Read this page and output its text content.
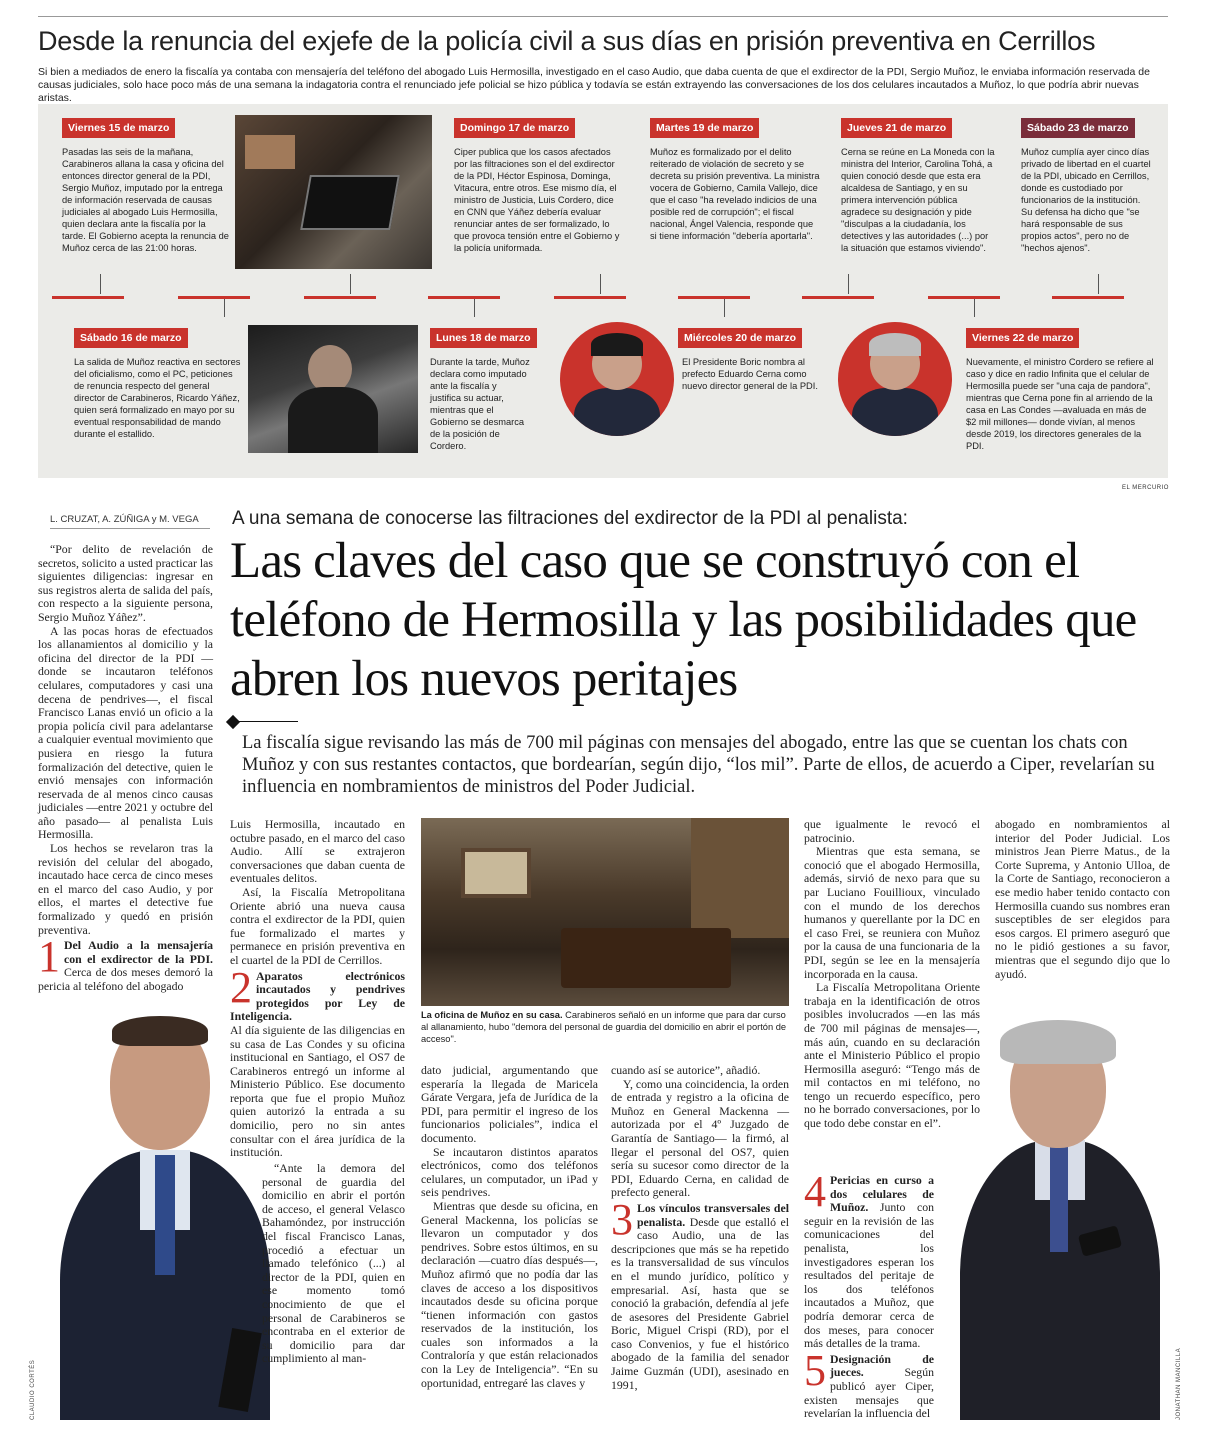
Desde la renuncia del exjefe de la policía civil a sus días en prisión preventiva en Cerrillos
Si bien a mediados de enero la fiscalía ya contaba con mensajería del teléfono del abogado Luis Hermosilla, investigado en el caso Audio, que daba cuenta de que el exdirector de la PDI, Sergio Muñoz, le enviaba información reservada de causas judiciales, solo hace poco más de una semana la indagatoria contra el renunciado jefe policial se hizo pública y todavía se están extrayendo las conversaciones de los dos celulares incautados a Muñoz, lo que podría abrir nuevas aristas.
Viernes 15 de marzo
Pasadas las seis de la mañana, Carabineros allana la casa y oficina del entonces director general de la PDI, Sergio Muñoz, imputado por la entrega de información reservada de causas judiciales al abogado Luis Hermosilla, quien declara ante la fiscalía por la tarde. El Gobierno acepta la renuncia de Muñoz cerca de las 21:00 horas.
Domingo 17 de marzo
Ciper publica que los casos afectados por las filtraciones son el del exdirector de la PDI, Héctor Espinosa, Dominga, Vitacura, entre otros. Ese mismo día, el ministro de Justicia, Luis Cordero, dice en CNN que Yáñez debería evaluar renunciar antes de ser formalizado, lo que provoca tensión entre el Gobierno y la policía uniformada.
Martes 19 de marzo
Muñoz es formalizado por el delito reiterado de violación de secreto y se decreta su prisión preventiva. La ministra vocera de Gobierno, Camila Vallejo, dice que el caso "ha revelado indicios de una posible red de corrupción"; el fiscal nacional, Ángel Valencia, responde que si tiene información "debería aportarla".
Jueves 21 de marzo
Cerna se reúne en La Moneda con la ministra del Interior, Carolina Tohá, a quien conoció desde que esta era alcaldesa de Santiago, y en su primera intervención pública agradece su designación y pide "disculpas a la ciudadanía, los detectives y las autoridades (...) por la situación que estamos viviendo".
Sábado 23 de marzo
Muñoz cumplía ayer cinco días privado de libertad en el cuartel de la PDI, ubicado en Cerrillos, donde es custodiado por funcionarios de la institución. Su defensa ha dicho que "se hará responsable de sus propios actos", pero no de "hechos ajenos".
Sábado 16 de marzo
La salida de Muñoz reactiva en sectores del oficialismo, como el PC, peticiones de renuncia respecto del general director de Carabineros, Ricardo Yáñez, quien será formalizado en mayo por su eventual responsabilidad de mando durante el estallido.
Lunes 18 de marzo
Durante la tarde, Muñoz declara como imputado ante la fiscalía y justifica su actuar, mientras que el Gobierno se desmarca de la posición de Cordero.
Miércoles 20 de marzo
El Presidente Boric nombra al prefecto Eduardo Cerna como nuevo director general de la PDI.
Viernes 22 de marzo
Nuevamente, el ministro Cordero se refiere al caso y dice en radio Infinita que el celular de Hermosilla puede ser "una caja de pandora", mientras que Cerna pone fin al arriendo de la casa en Las Condes —avaluada en más de $2 mil millones— donde vivían, al menos desde 2019, los directores generales de la PDI.
EL MERCURIO
L. CRUZAT, A. ZÚÑIGA y M. VEGA A una semana de conocerse las filtraciones del exdirector de la PDI al penalista:
Las claves del caso que se construyó con el teléfono de Hermosilla y las posibilidades que abren los nuevos peritajes
La fiscalía sigue revisando las más de 700 mil páginas con mensajes del abogado, entre las que se cuentan los chats con Muñoz y con sus restantes contactos, que bordearían, según dijo, “los mil”. Parte de ellos, de acuerdo a Ciper, revelarían su influencia en nombramientos de ministros del Poder Judicial.

“Por delito de revelación de secretos, solicito a usted practicar las siguientes diligencias: ingresar en sus registros alerta de salida del país, con respecto a la siguiente persona, Sergio Muñoz Yáñez”.

A las pocas horas de efectuados los allanamientos al domicilio y la oficina del director de la PDI —donde se incautaron teléfonos celulares, computadores y casi una decena de pendrives—, el fiscal Francisco Lanas envió un oficio a la propia policía civil para adelantarse a cualquier eventual movimiento que pusiera en riesgo la futura formalización del detective, quien le envió mensajes con información reservada de al menos cinco causas judiciales —entre 2021 y octubre del año pasado— al penalista Luis Hermosilla.

Los hechos se revelaron tras la revisión del celular del abogado, incautado hace cerca de cinco meses en el marco del caso Audio, y por ellos, el martes el detective fue formalizado y quedó en prisión preventiva.

1 Del Audio a la mensajería con el exdirector de la PDI. Cerca de dos meses demoró la pericia al teléfono del abogado

CLAUDIO CORTÉS

Luis Hermosilla, incautado en octubre pasado, en el marco del caso Audio. Allí se extrajeron conversaciones que daban cuenta de eventuales delitos.

Así, la Fiscalía Metropolitana Oriente abrió una nueva causa contra el exdirector de la PDI, quien fue formalizado el martes y permanece en prisión preventiva en el cuartel de la PDI de Cerrillos.

2 Aparatos electrónicos incautados y pendrives protegidos por Ley de Inteligencia.

Al día siguiente de las diligencias en su casa de Las Condes y su oficina institucional en Santiago, el OS7 de Carabineros entregó un informe al Ministerio Público. Ese documento reporta que fue el propio Muñoz quien autorizó la entrada a su domicilio, pero no sin antes consultar con el área jurídica de la institución.

“Ante la demora del personal de guardia del domicilio en abrir el portón de acceso, el general Velasco Bahamóndez, por instrucción del fiscal Francisco Lanas, procedió a efectuar un llamado telefónico (...) al director de la PDI, quien en ese momento tomó conocimiento de que el personal de Carabineros se encontraba en el exterior de su domicilio para dar cumplimiento al man-

La oficina de Muñoz en su casa. Carabineros señaló en un informe que para dar curso al allanamiento, hubo "demora del personal de guardia del domicilio en abrir el portón de acceso".

dato judicial, argumentando que esperaría la llegada de Maricela Gárate Vergara, jefa de Jurídica de la PDI, para permitir el ingreso de los funcionarios policiales”, indica el documento.

Se incautaron distintos aparatos electrónicos, como dos teléfonos celulares, un computador, un iPad y seis pendrives.

Mientras que desde su oficina, en General Mackenna, los policías se llevaron un computador y dos pendrives. Sobre estos últimos, en su declaración —cuatro días después—, Muñoz afirmó que no podía dar las claves de acceso a los dispositivos incautados desde su oficina porque “tienen información con gastos reservados de la institución, los cuales son informados a la Contraloría y que están relacionados con la Ley de Inteligencia”. “En su oportunidad, entregaré las claves y

cuando así se autorice”, añadió.

Y, como una coincidencia, la orden de entrada y registro a la oficina de Muñoz en General Mackenna —autorizada por el 4º Juzgado de Garantía de Santiago— la firmó, al llegar el personal del OS7, quien sería su sucesor como director de la PDI, Eduardo Cerna, en calidad de prefecto general.

3 Los vínculos transversales del penalista. Desde que estalló el caso Audio, una de las descripciones que más se ha repetido es la transversalidad de sus vínculos en el mundo jurídico, político y empresarial. Así, hasta que se conoció la grabación, defendía al jefe de asesores del Presidente Gabriel Boric, Miguel Crispi (RD), por el caso Convenios, y fue el histórico abogado de la familia del senador Jaime Guzmán (UDI), asesinado en 1991,

que igualmente le revocó el patrocinio.

Mientras que esta semana, se conoció que el abogado Hermosilla, además, sirvió de nexo para que su par Luciano Fouillioux, vinculado con el mundo de los derechos humanos y querellante por la DC en el caso Frei, se reuniera con Muñoz por la causa de una funcionaria de la PDI, según se lee en la mensajería incorporada en la causa.

La Fiscalía Metropolitana Oriente trabaja en la identificación de otros posibles involucrados —en las más de 700 mil páginas de mensajes—, más aún, cuando en su declaración ante el Ministerio Público el propio Hermosilla aseguró: “Tengo más de mil contactos en mi teléfono, no tengo un recuerdo específico, pero no he borrado conversaciones, por lo que todo debe constar en el”.

4 Pericias en curso a dos celulares de Muñoz. Junto con seguir en la revisión de las comunicaciones del penalista, los investigadores esperan los resultados del peritaje de los dos teléfonos incautados a Muñoz, que podría demorar cerca de dos meses, para conocer más detalles de la trama.

5 Designación de jueces.	Según publicó ayer Ciper, existen mensajes que revelarían la influencia del

abogado en nombramientos al interior del Poder Judicial. Los ministros Jean Pierre Matus., de la Corte Suprema, y Antonio Ulloa, de la Corte de Santiago, reconocieron a ese medio haber tenido contacto con Hermosilla cuando sus nombres eran susceptibles de ser elegidos para esos cargos. El primero aseguró que no le pidió gestiones a su favor, mientras que el segundo dijo que lo ayudó.

JONATHAN MANCILLA
